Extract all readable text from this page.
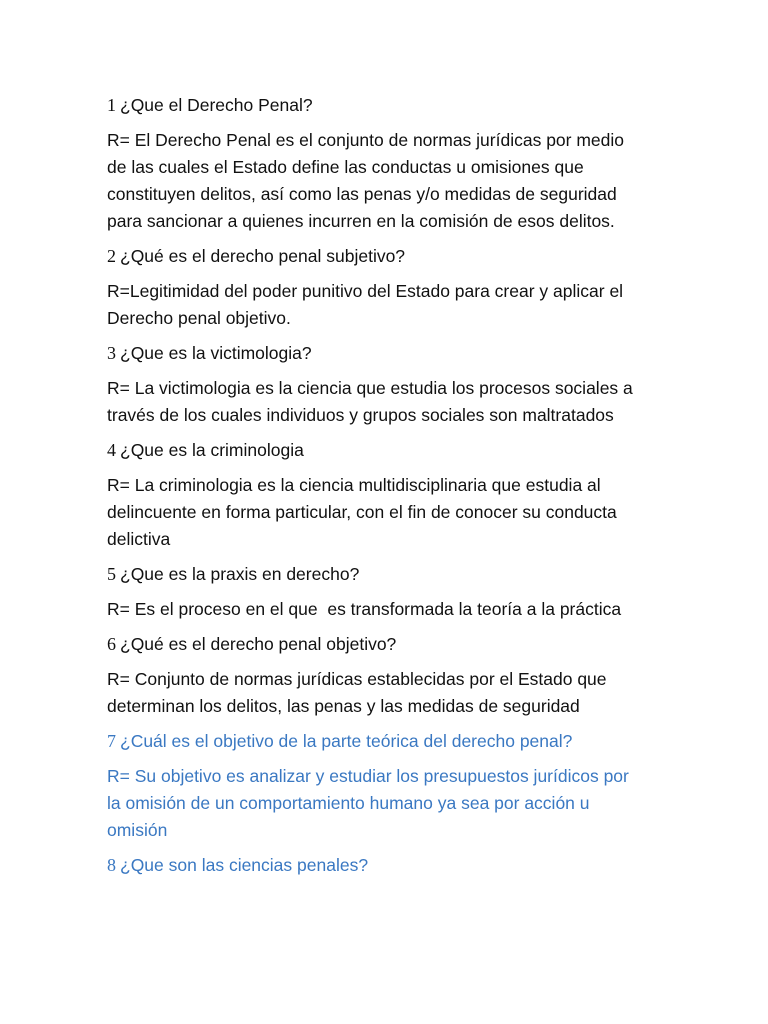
1 ¿Que el Derecho Penal?

R= El Derecho Penal es el conjunto de normas jurídicas por medio
de las cuales el Estado define las conductas u omisiones que
constituyen delitos, así como las penas y/o medidas de seguridad
para sancionar a quienes incurren en la comisión de esos delitos.

2 ¿Qué es el derecho penal subjetivo?

R=Legitimidad del poder punitivo del Estado para crear y aplicar el
Derecho penal objetivo.

3 ¿Que es la victimologia?

R= La victimologia es la ciencia que estudia los procesos sociales a
través de los cuales individuos y grupos sociales son maltratados

4 ¿Que es la criminologia

R= La criminologia es la ciencia multidisciplinaria que estudia al
delincuente en forma particular, con el fin de conocer su conducta
delictiva

5 ¿Que es la praxis en derecho?

R= Es el proceso en el que  es transformada la teoría a la práctica

6 ¿Qué es el derecho penal objetivo?

R= Conjunto de normas jurídicas establecidas por el Estado que
determinan los delitos, las penas y las medidas de seguridad

7 ¿Cuál es el objetivo de la parte teórica del derecho penal?

R= Su objetivo es analizar y estudiar los presupuestos jurídicos por
la omisión de un comportamiento humano ya sea por acción u
omisión

8 ¿Que son las ciencias penales?
